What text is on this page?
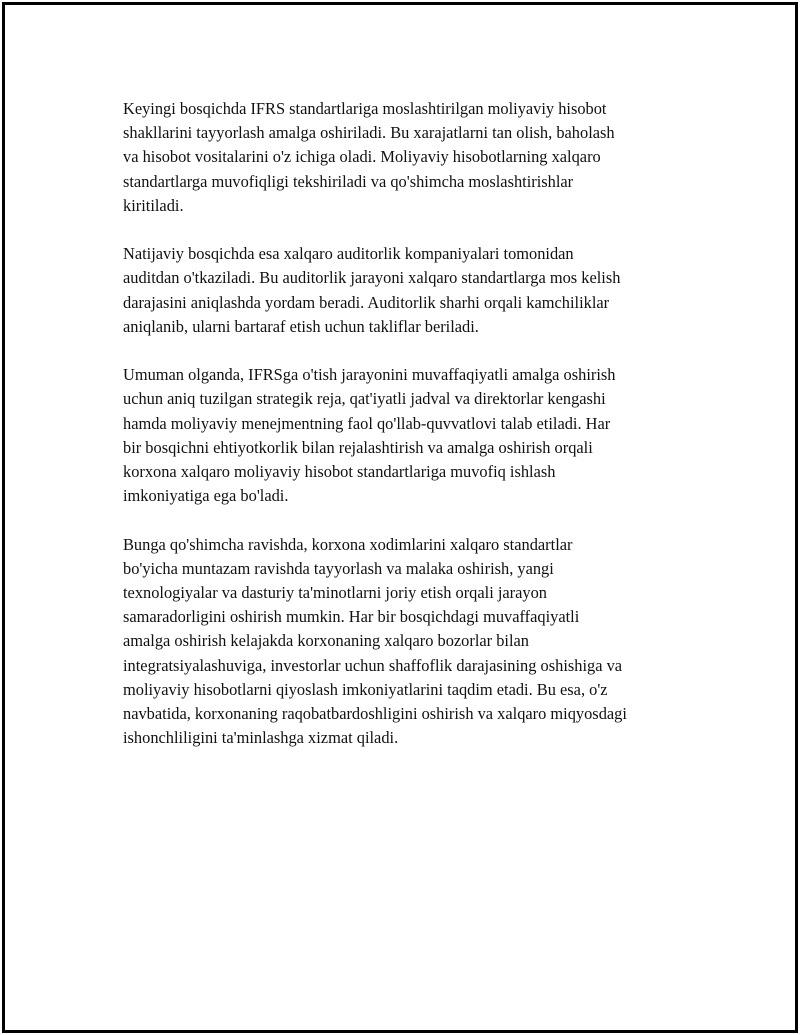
Keyingi bosqichda IFRS standartlariga moslashtirilgan moliyaviy hisobot
shakllarini tayyorlash amalga oshiriladi. Bu xarajatlarni tan olish, baholash
va hisobot vositalarini o'z ichiga oladi. Moliyaviy hisobotlarning xalqaro
standartlarga muvofiqligi tekshiriladi va qo'shimcha moslashtirishlar
kiritiladi.

Natijaviy bosqichda esa xalqaro auditorlik kompaniyalari tomonidan
auditdan o'tkaziladi. Bu auditorlik jarayoni xalqaro standartlarga mos kelish
darajasini aniqlashda yordam beradi. Auditorlik sharhi orqali kamchiliklar
aniqlanib, ularni bartaraf etish uchun takliflar beriladi.

Umuman olganda, IFRSga o'tish jarayonini muvaffaqiyatli amalga oshirish
uchun aniq tuzilgan strategik reja, qat'iyatli jadval va direktorlar kengashi
hamda moliyaviy menejmentning faol qo'llab-quvvatlovi talab etiladi. Har
bir bosqichni ehtiyotkorlik bilan rejalashtirish va amalga oshirish orqali
korxona xalqaro moliyaviy hisobot standartlariga muvofiq ishlash
imkoniyatiga ega bo'ladi.

Bunga qo'shimcha ravishda, korxona xodimlarini xalqaro standartlar
bo'yicha muntazam ravishda tayyorlash va malaka oshirish, yangi
texnologiyalar va dasturiy ta'minotlarni joriy etish orqali jarayon
samaradorligini oshirish mumkin. Har bir bosqichdagi muvaffaqiyatli
amalga oshirish kelajakda korxonaning xalqaro bozorlar bilan
integratsiyalashuviga, investorlar uchun shaffoflik darajasining oshishiga va
moliyaviy hisobotlarni qiyoslash imkoniyatlarini taqdim etadi. Bu esa, o'z
navbatida, korxonaning raqobatbardoshligini oshirish va xalqaro miqyosdagi
ishonchliligini ta'minlashga xizmat qiladi.
